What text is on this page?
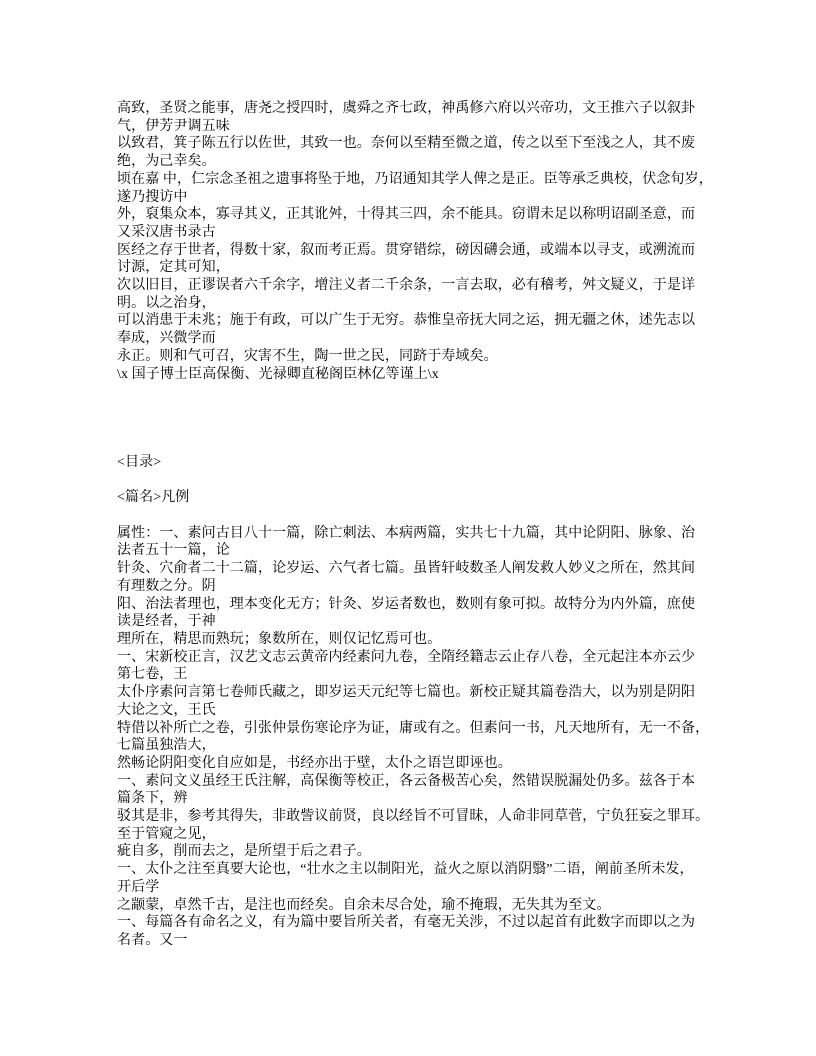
高致，圣贤之能事，唐尧之授四时，虞舜之齐七政，神禹修六府以兴帝功，文王推六子以叙卦
气，伊芳尹调五味
以致君，箕子陈五行以佐世，其致一也。奈何以至精至微之道，传之以至下至浅之人，其不废
绝，为己幸矣。
顷在嘉 中，仁宗念圣祖之遗事将坠于地，乃诏通知其学人俾之是正。臣等承乏典校，伏念旬岁，
遂乃搜访中
外，裒集众本，寡寻其义，正其讹舛，十得其三四，余不能具。窃谓未足以称明诏副圣意，而
又采汉唐书录古
医经之存于世者，得数十家，叙而考正焉。贯穿错综，磅因礴会通，或端本以寻支，或溯流而
讨源，定其可知，
次以旧目，正谬误者六千余字，增注义者二千余条，一言去取，必有稽考，舛文疑义，于是详
明。以之治身，
可以消患于未兆；施于有政，可以广生于无穷。恭惟皇帝抚大同之运，拥无疆之休，述先志以
奉成，兴微学而
永正。则和气可召，灾害不生，陶一世之民，同跻于寿域矣。
\x 国子博士臣高保衡、光禄卿直秘阁臣林亿等谨上\x
<目录>
<篇名>凡例
属性：一、素问古目八十一篇，除亡刺法、本病两篇，实共七十九篇，其中论阴阳、脉象、治
法者五十一篇，论
针灸、穴俞者二十二篇，论岁运、六气者七篇。虽皆轩岐数圣人阐发救人妙义之所在，然其间
有理数之分。阴
阳、治法者理也，理本变化无方；针灸、岁运者数也，数则有象可拟。故特分为内外篇，庶使
读是经者，于神
理所在，精思而熟玩；象数所在，则仅记忆焉可也。
一、宋新校正言，汉艺文志云黄帝内经素问九卷，全隋经籍志云止存八卷，全元起注本亦云少
第七卷，王
太仆序素问言第七卷师氏藏之，即岁运天元纪等七篇也。新校正疑其篇卷浩大，以为别是阴阳
大论之文，王氏
特借以补所亡之卷，引张仲景伤寒论序为证，庸或有之。但素问一书，凡天地所有，无一不备，
七篇虽独浩大，
然畅论阴阳变化自应如是，书经亦出于壁，太仆之语岂即诬也。
一、素问文义虽经王氏注解，高保衡等校正，各云备极苦心矣，然错误脱漏处仍多。兹各于本
篇条下，辨
驳其是非，参考其得失，非敢訾议前贤，良以经旨不可冒昧，人命非同草菅，宁负狂妄之罪耳。
至于管窥之见，
疵自多，削而去之，是所望于后之君子。
一、太仆之注至真要大论也，“壮水之主以制阳光，益火之原以消阴翳”二语，阐前圣所未发，
开后学
之颛蒙，卓然千古，是注也而经矣。自余未尽合处，瑜不掩瑕，无失其为至文。
一、每篇各有命名之义，有为篇中要旨所关者，有毫无关涉，不过以起首有此数字而即以之为
名者。又一
